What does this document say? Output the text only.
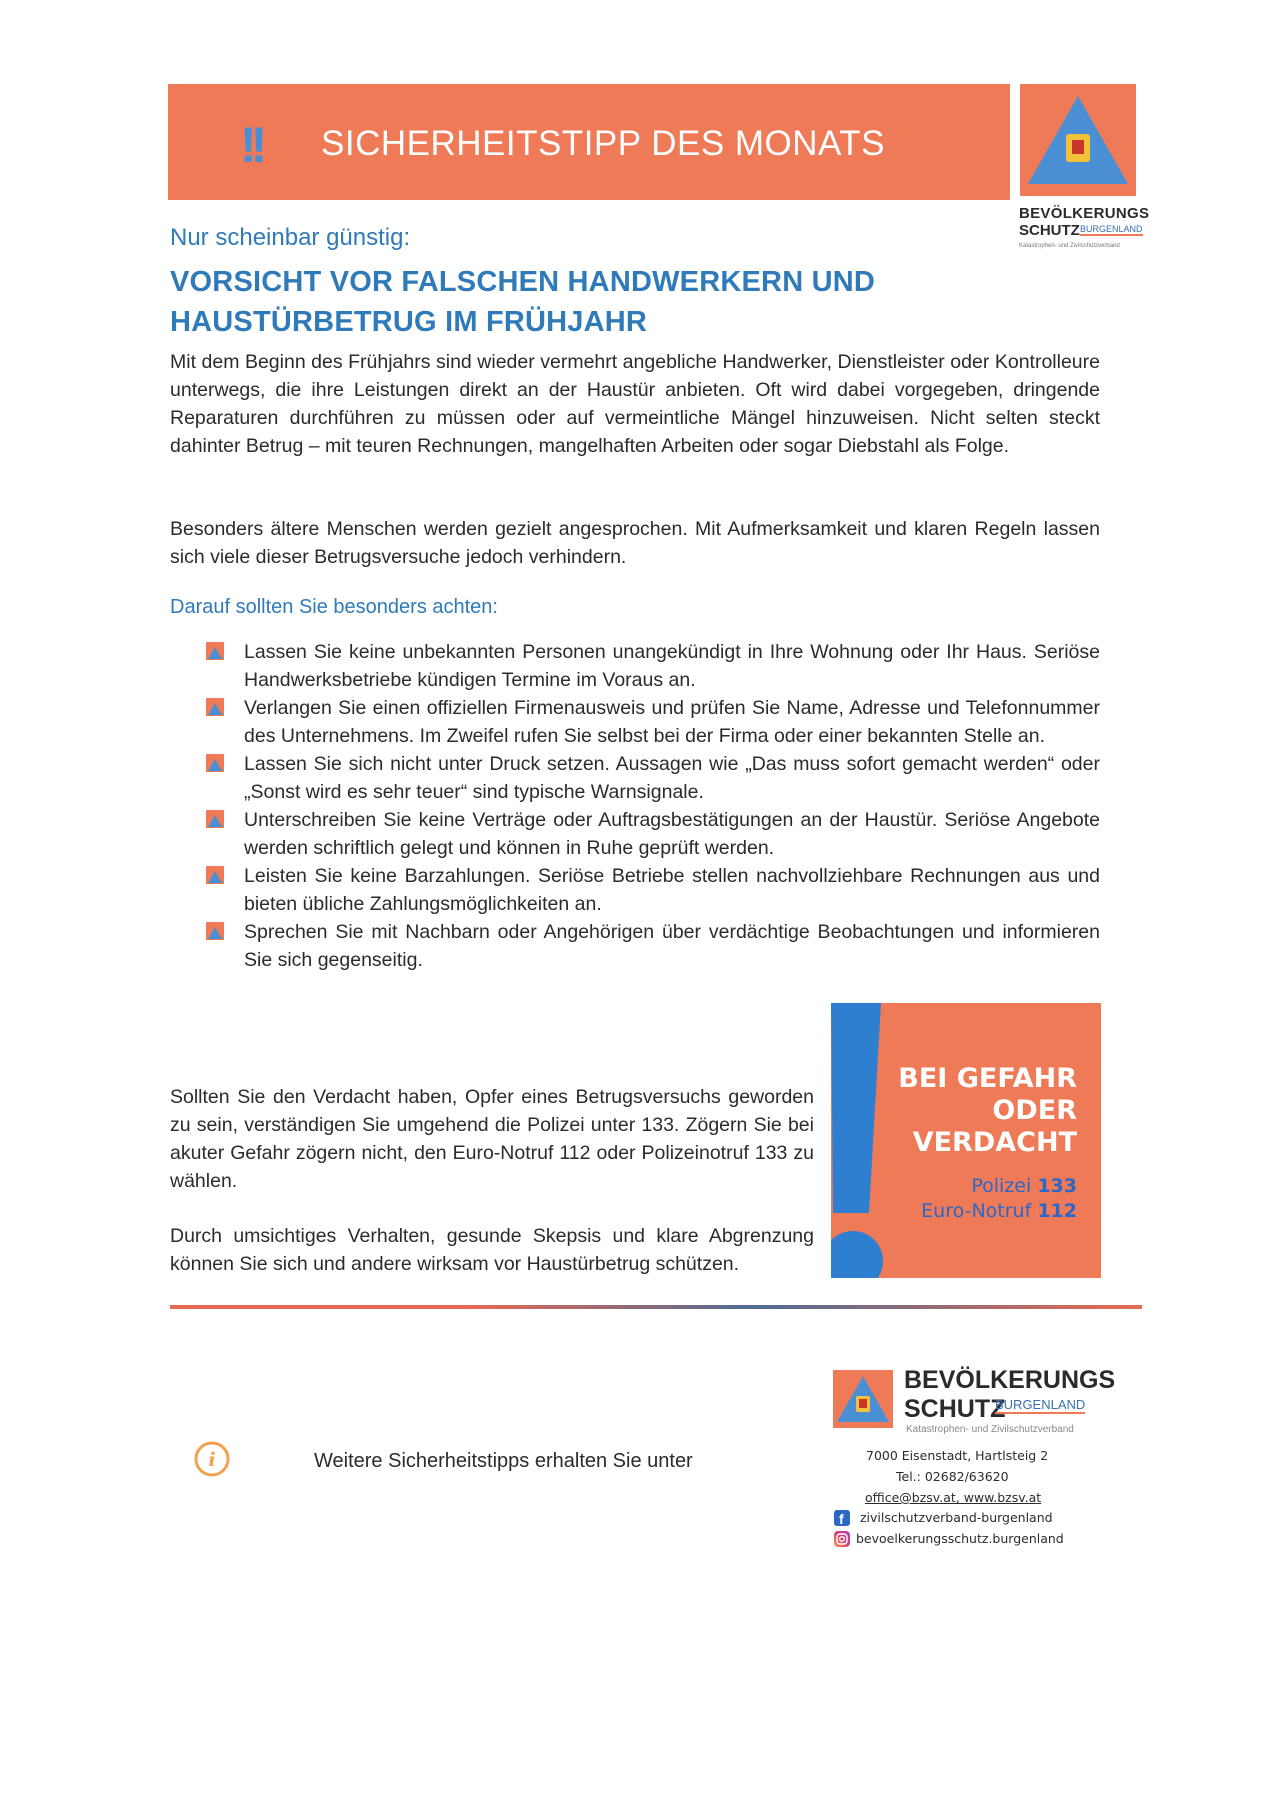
!! SICHERHEITSTIPP DES MONATS
BEVÖLKERUNGS
SCHUTZ BURGENLAND
Katastrophen- und Zivilschutzverband
Nur scheinbar günstig:
VORSICHT VOR FALSCHEN HANDWERKERN UND HAUSTÜRBETRUG IM FRÜHJAHR
Mit dem Beginn des Frühjahrs sind wieder vermehrt angebliche Handwerker, Dienstleister oder Kontrolleure unterwegs, die ihre Leistungen direkt an der Haustür anbieten. Oft wird dabei vorgegeben, dringende Reparaturen durchführen zu müssen oder auf vermeintliche Mängel hinzuweisen. Nicht selten steckt dahinter Betrug – mit teuren Rechnungen, mangelhaften Arbeiten oder sogar Diebstahl als Folge.
Besonders ältere Menschen werden gezielt angesprochen. Mit Aufmerksamkeit und klaren Regeln lassen sich viele dieser Betrugsversuche jedoch verhindern.
Darauf sollten Sie besonders achten:
Lassen Sie keine unbekannten Personen unangekündigt in Ihre Wohnung oder Ihr Haus. Seriöse Handwerksbetriebe kündigen Termine im Voraus an.
Verlangen Sie einen offiziellen Firmenausweis und prüfen Sie Name, Adresse und Telefonnummer des Unternehmens. Im Zweifel rufen Sie selbst bei der Firma oder einer bekannten Stelle an.
Lassen Sie sich nicht unter Druck setzen. Aussagen wie „Das muss sofort gemacht werden“ oder „Sonst wird es sehr teuer“ sind typische Warnsignale.
Unterschreiben Sie keine Verträge oder Auftragsbestätigungen an der Haustür. Seriöse Angebote werden schriftlich gelegt und können in Ruhe geprüft werden.
Leisten Sie keine Barzahlungen. Seriöse Betriebe stellen nachvollziehbare Rechnungen aus und bieten übliche Zahlungsmöglichkeiten an.
Sprechen Sie mit Nachbarn oder Angehörigen über verdächtige Beobachtungen und informieren Sie sich gegenseitig.
Sollten Sie den Verdacht haben, Opfer eines Betrugsversuchs geworden zu sein, verständigen Sie umgehend die Polizei unter 133. Zögern Sie bei akuter Gefahr zögern nicht, den Euro-Notruf 112 oder Polizeinotruf 133 zu wählen.
Durch umsichtiges Verhalten, gesunde Skepsis und klare Abgrenzung können Sie sich und andere wirksam vor Haustürbetrug schützen.
BEI GEFAHR
ODER
VERDACHT
Polizei 133
Euro-Notruf 112
i	Weitere Sicherheitstipps erhalten Sie unter
BEVÖLKERUNGS
SCHUTZ
BURGENLAND
Katastrophen- und Zivilschutzverband
7000 Eisenstadt, Hartlsteig 2
Tel.: 02682/63620
office@bzsv.at, www.bzsv.at
f zivilschutzverband-burgenland
bevoelkerungsschutz.burgenland
